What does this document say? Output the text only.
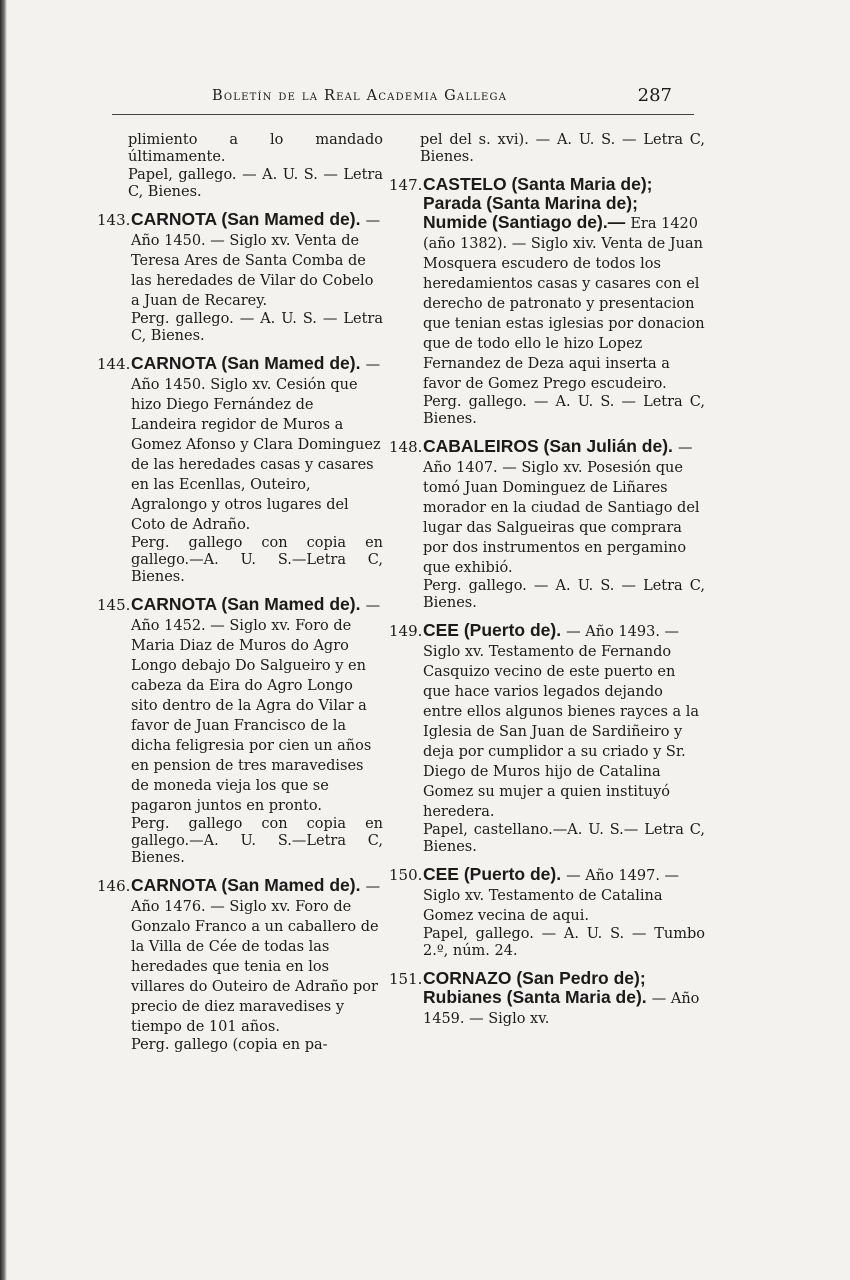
Boletín de la Real Academia Gallega	287
plimiento a lo mandado últimamente.
Papel, gallego. — A. U. S. — Letra C, Bienes.
143. CARNOTA (San Mamed de). — Año 1450. — Siglo xv. Venta de Teresa Ares de Santa Comba de las heredades de Vilar do Cobelo a Juan de Recarey.
Perg. gallego. — A. U. S. — Letra C, Bienes.
144. CARNOTA (San Mamed de). — Año 1450. Siglo xv. Cesión que hizo Diego Fernández de Landeira regidor de Muros a Gomez Afonso y Clara Dominguez de las heredades casas y casares en las Ecenllas, Outeiro, Agralongo y otros lugares del Coto de Adraño.
Perg. gallego con copia en gallego.—A. U. S.—Letra C, Bienes.
145. CARNOTA (San Mamed de). — Año 1452. — Siglo xv. Foro de Maria Diaz de Muros do Agro Longo debajo Do Salgueiro y en cabeza da Eira do Agro Longo sito dentro de la Agra do Vilar a favor de Juan Francisco de la dicha feligresia por cien un años en pension de tres maravedises de moneda vieja los que se pagaron juntos en pronto.
Perg. gallego con copia en gallego.—A. U. S.—Letra C, Bienes.
146. CARNOTA (San Mamed de). — Año 1476. — Siglo xv. Foro de Gonzalo Franco a un caballero de la Villa de Cée de todas las heredades que tenia en los villares do Outeiro de Adraño por precio de diez maravedises y tiempo de 101 años.
Perg. gallego (copia en pa-
pel del s. xvi). — A. U. S. — Letra C, Bienes.
147. CASTELO (Santa Maria de); Parada (Santa Marina de); Numide (Santiago de).— Era 1420 (año 1382). — Siglo xiv. Venta de Juan Mosquera escudero de todos los heredamientos casas y casares con el derecho de patronato y presentacion que tenian estas iglesias por donacion que de todo ello le hizo Lopez Fernandez de Deza aqui inserta a favor de Gomez Prego escudeiro.
Perg. gallego. — A. U. S. — Letra C, Bienes.
148. CABALEIROS (San Julián de). — Año 1407. — Siglo xv. Posesión que tomó Juan Dominguez de Liñares morador en la ciudad de Santiago del lugar das Salgueiras que comprara por dos instrumentos en pergamino que exhibió.
Perg. gallego. — A. U. S. — Letra C, Bienes.
149. CEE (Puerto de). — Año 1493. — Siglo xv. Testamento de Fernando Casquizo vecino de este puerto en que hace varios legados dejando entre ellos algunos bienes rayces a la Iglesia de San Juan de Sardiñeiro y deja por cumplidor a su criado y Sr. Diego de Muros hijo de Catalina Gomez su mujer a quien instituyó heredera.
Papel, castellano.—A. U. S.— Letra C, Bienes.
150. CEE (Puerto de). — Año 1497. — Siglo xv. Testamento de Catalina Gomez vecina de aqui.
Papel, gallego. — A. U. S. — Tumbo 2.º, núm. 24.
151. CORNAZO (San Pedro de); Rubianes (Santa Maria de). — Año 1459. — Siglo xv.
